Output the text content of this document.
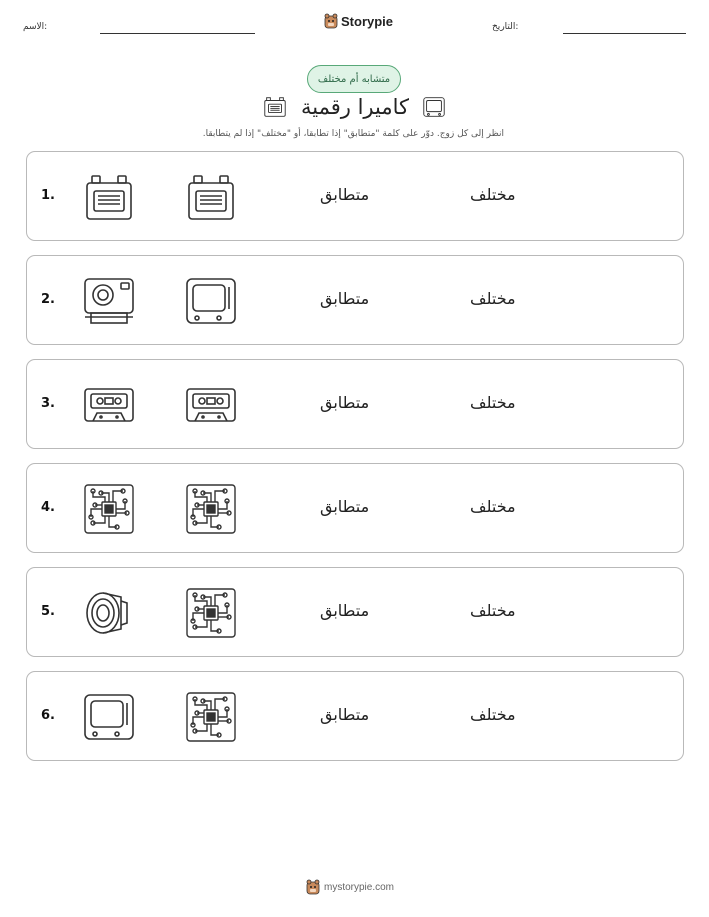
الاسم:	Storypie	التاريخ:
متشابه أم مختلف
كاميرا رقمية
انظر إلى كل زوج. دوّر على كلمة "متطابق" إذا تطابقا، أو "مختلف" إذا لم يتطابقا.
1.	متطابق	مختلف
2.	متطابق	مختلف
3.	متطابق	مختلف
4.	متطابق	مختلف
5.	متطابق	مختلف
6.	متطابق	مختلف
mystorypie.com
